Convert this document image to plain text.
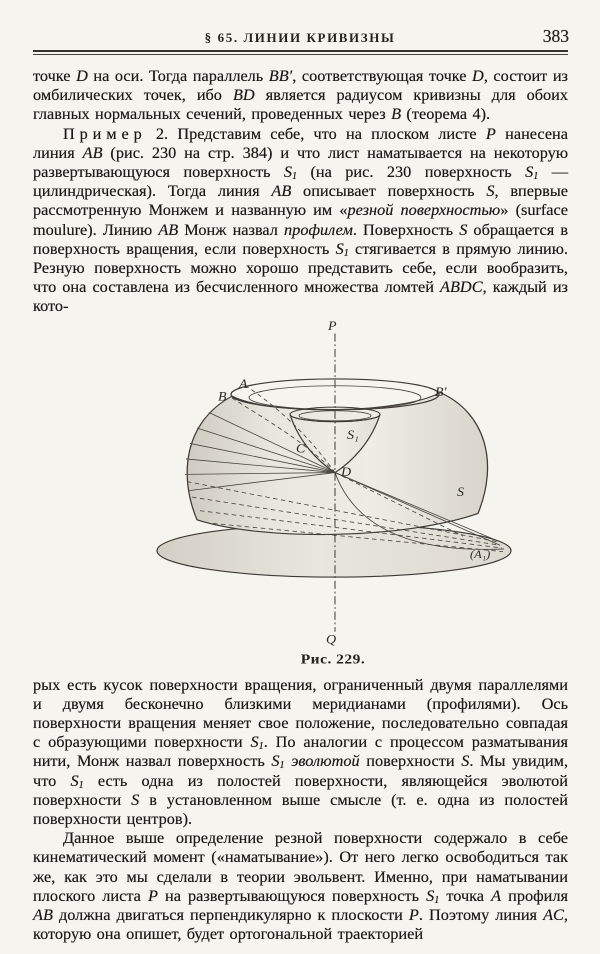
§ 65. ЛИНИИ КРИВИЗНЫ	383

точке D на оси. Тогда параллель BB′, соответствующая точке D, состоит из омбилических точек, ибо BD является радиусом кривизны для обоих главных нормальных сечений, проведенных через B (теорема 4).

Пример 2. Представим себе, что на плоском листе P нанесена линия AB (рис. 230 на стр. 384) и что лист наматывается на некоторую развертывающуюся поверхность $S_1$ (на рис. 230 поверхность $S_1$ — цилиндрическая). Тогда линия AB описывает поверхность S, впервые рассмотренную Монжем и названную им «резной поверхностью» (surface moulure). Линию AB Монж назвал профилем. Поверхность S обращается в поверхность вращения, если поверхность $S_1$ стягивается в прямую линию. Резную поверхность можно хорошо представить себе, если вообразить, что она составлена из бесчисленного множества ломтей ABDC, каждый из кото-

P
Q
A
B	B′
C
S₁
D
S
(A₁)
Рис. 229.

рых есть кусок поверхности вращения, ограниченный двумя параллелями и двумя бесконечно близкими меридианами (профилями). Ось поверхности вращения меняет свое положение, последовательно совпадая с образующими поверхности $S_1$. По аналогии с процессом разматывания нити, Монж назвал поверхность $S_1$ эволютой поверхности S. Мы увидим, что $S_1$ есть одна из полостей поверхности, являющейся эволютой поверхности S в установленном выше смысле (т. е. одна из полостей поверхности центров).

Данное выше определение резной поверхности содержало в себе кинематический момент («наматывание»). От него легко освободиться так же, как это мы сделали в теории эвольвент. Именно, при наматывании плоского листа P на развертывающуюся поверхность $S_1$ точка A профиля AB должна двигаться перпендикулярно к плоскости P. Поэтому линия AC, которую она опишет, будет ортогональной траекторией
